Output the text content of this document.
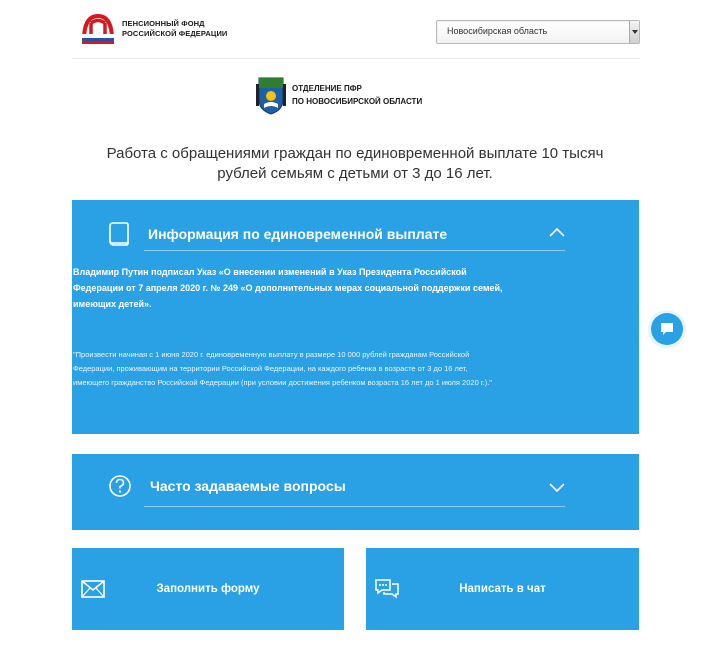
ПЕНСИОННЫЙ ФОНД
РОССИЙСКОЙ ФЕДЕРАЦИИ	Новосибирская область
ОТДЕЛЕНИЕ ПФР
ПО НОВОСИБИРСКОЙ ОБЛАСТИ
Работа с обращениями граждан по единовременной выплате 10 тысяч рублей семьям с детьми от 3 до 16 лет.
Информация по единовременной выплате
Владимир Путин подписал Указ «О внесении изменений в Указ Президента Российской Федерации от 7 апреля 2020 г. № 249 «О дополнительных мерах социальной поддержки семей, имеющих детей».
"Произвести начиная с 1 июня 2020 г. единовременную выплату в размере 10 000 рублей гражданам Российской Федерации, проживающим на территории Российской Федерации, на каждого ребенка в возрасте от 3 до 16 лет, имеющего гражданство Российской Федерации (при условии достижения ребенком возраста 16 лет до 1 июля 2020 г.)."
Часто задаваемые вопросы
Заполнить форму	Написать в чат
